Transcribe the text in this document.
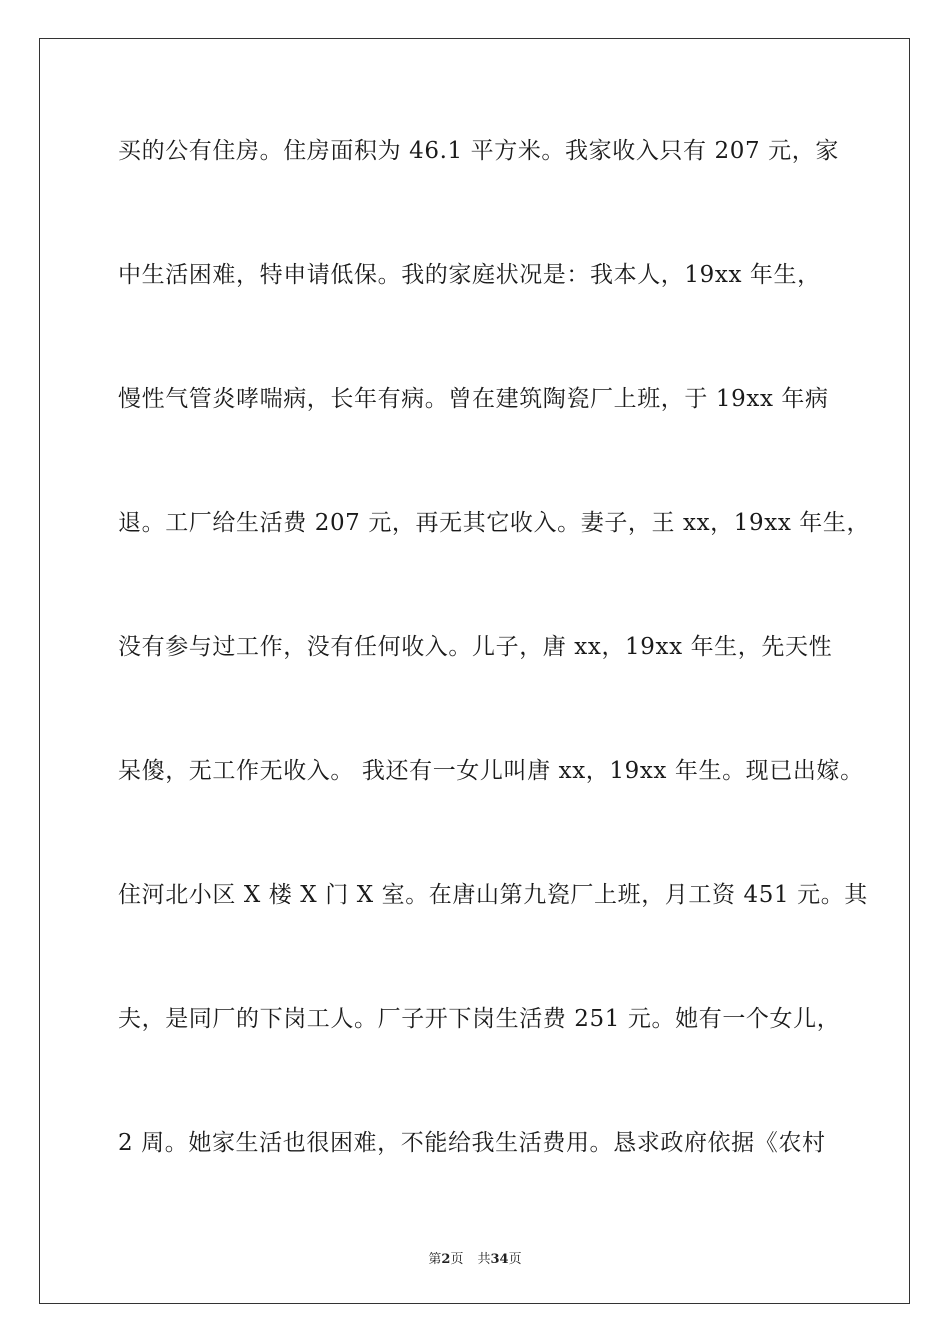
买的公有住房。住房面积为 46.1 平方米。我家收入只有 207 元，家
中生活困难，特申请低保。我的家庭状况是：我本人，19xx 年生，
慢性气管炎哮喘病，长年有病。曾在建筑陶瓷厂上班，于 19xx 年病
退。工厂给生活费 207 元，再无其它收入。妻子，王 xx，19xx 年生，
没有参与过工作，没有任何收入。儿子，唐 xx，19xx 年生，先天性
呆傻，无工作无收入。 我还有一女儿叫唐 xx，19xx 年生。现已出嫁。
住河北小区 X 楼 X 门 X 室。在唐山第九瓷厂上班，月工资 451 元。其
夫，是同厂的下岗工人。厂子开下岗生活费 251 元。她有一个女儿，
2 周。她家生活也很困难，不能给我生活费用。恳求政府依据《农村
第2页 共34页
